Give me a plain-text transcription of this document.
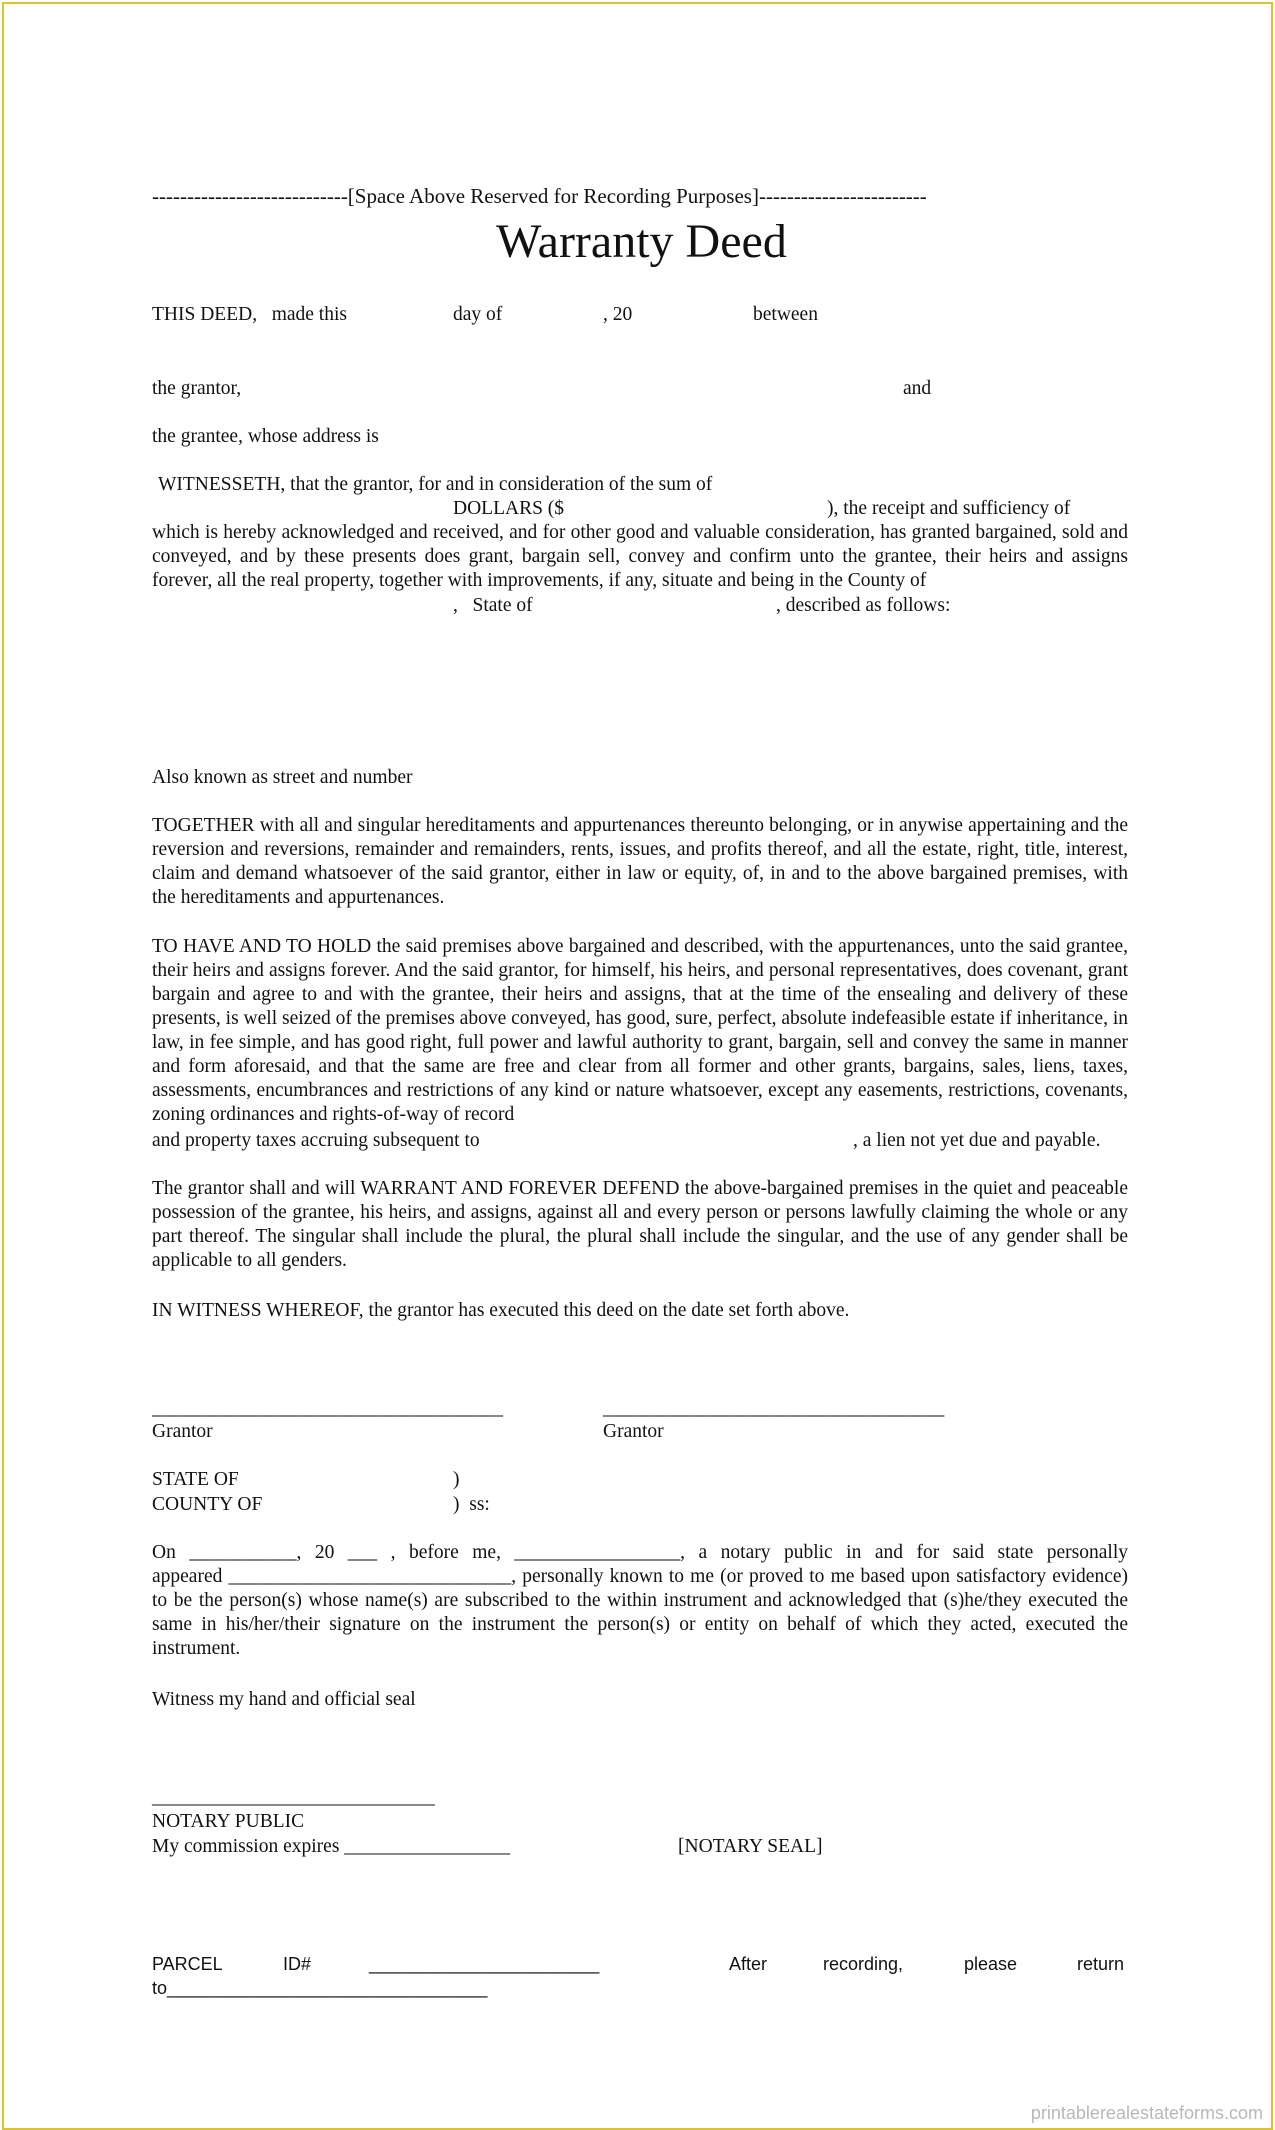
----------------------------[Space Above Reserved for Recording Purposes]------------------------
Warranty Deed
THIS DEED,   made this	day of	, 20	between
the grantor,	and
the grantee, whose address is
WITNESSETH, that the grantor, for and in consideration of the sum of
DOLLARS ($	), the receipt and sufficiency of
which is hereby acknowledged and received, and for other good and valuable consideration, has granted bargained, sold and conveyed, and by these presents does grant, bargain sell, convey and confirm unto the grantee, their heirs and assigns forever, all the real property, together with improvements, if any, situate and being in the County of
,   State of	, described as follows:
Also known as street and number
TOGETHER with all and singular hereditaments and appurtenances thereunto belonging, or in anywise appertaining and the reversion and reversions, remainder and remainders, rents, issues, and profits thereof, and all the estate, right, title, interest, claim and demand whatsoever of the said grantor, either in law or equity, of, in and to the above bargained premises, with the hereditaments and appurtenances.
TO HAVE AND TO HOLD the said premises above bargained and described, with the appurtenances, unto the said grantee, their heirs and assigns forever. And the said grantor, for himself, his heirs, and personal representatives, does covenant, grant bargain and agree to and with the grantee, their heirs and assigns, that at the time of the ensealing and delivery of these presents, is well seized of the premises above conveyed, has good, sure, perfect, absolute indefeasible estate if inheritance, in law, in fee simple, and has good right, full power and lawful authority to grant, bargain, sell and convey the same in manner and form aforesaid, and that the same are free and clear from all former and other grants, bargains, sales, liens, taxes, assessments, encumbrances and restrictions of any kind or nature whatsoever, except any easements, restrictions, covenants, zoning ordinances and rights-of-way of record
and property taxes accruing subsequent to	, a lien not yet due and payable.
The grantor shall and will WARRANT AND FOREVER DEFEND the above-bargained premises in the quiet and peaceable possession of the grantee, his heirs, and assigns, against all and every person or persons lawfully claiming the whole or any part thereof. The singular shall include the plural, the plural shall include the singular, and the use of any gender shall be applicable to all genders.
IN WITNESS WHEREOF, the grantor has executed this deed on the date set forth above.
____________________________________	___________________________________
Grantor	Grantor
STATE OF	)
COUNTY OF	)  ss:
On ___________, 20 ___ , before me, _________________, a notary public in and for said state personally
appeared _____________________________, personally known to me (or proved to me based upon satisfactory evidence) to be the person(s) whose name(s) are subscribed to the within instrument and acknowledged that (s)he/they executed the same in his/her/their signature on the instrument the person(s) or entity on behalf of which they acted, executed the instrument.
Witness my hand and official seal
_____________________________
NOTARY PUBLIC
My commission expires _________________	[NOTARY SEAL]
PARCEL	ID#	_______________________	After	recording,	please	return
to________________________________
printablerealestateforms.com
